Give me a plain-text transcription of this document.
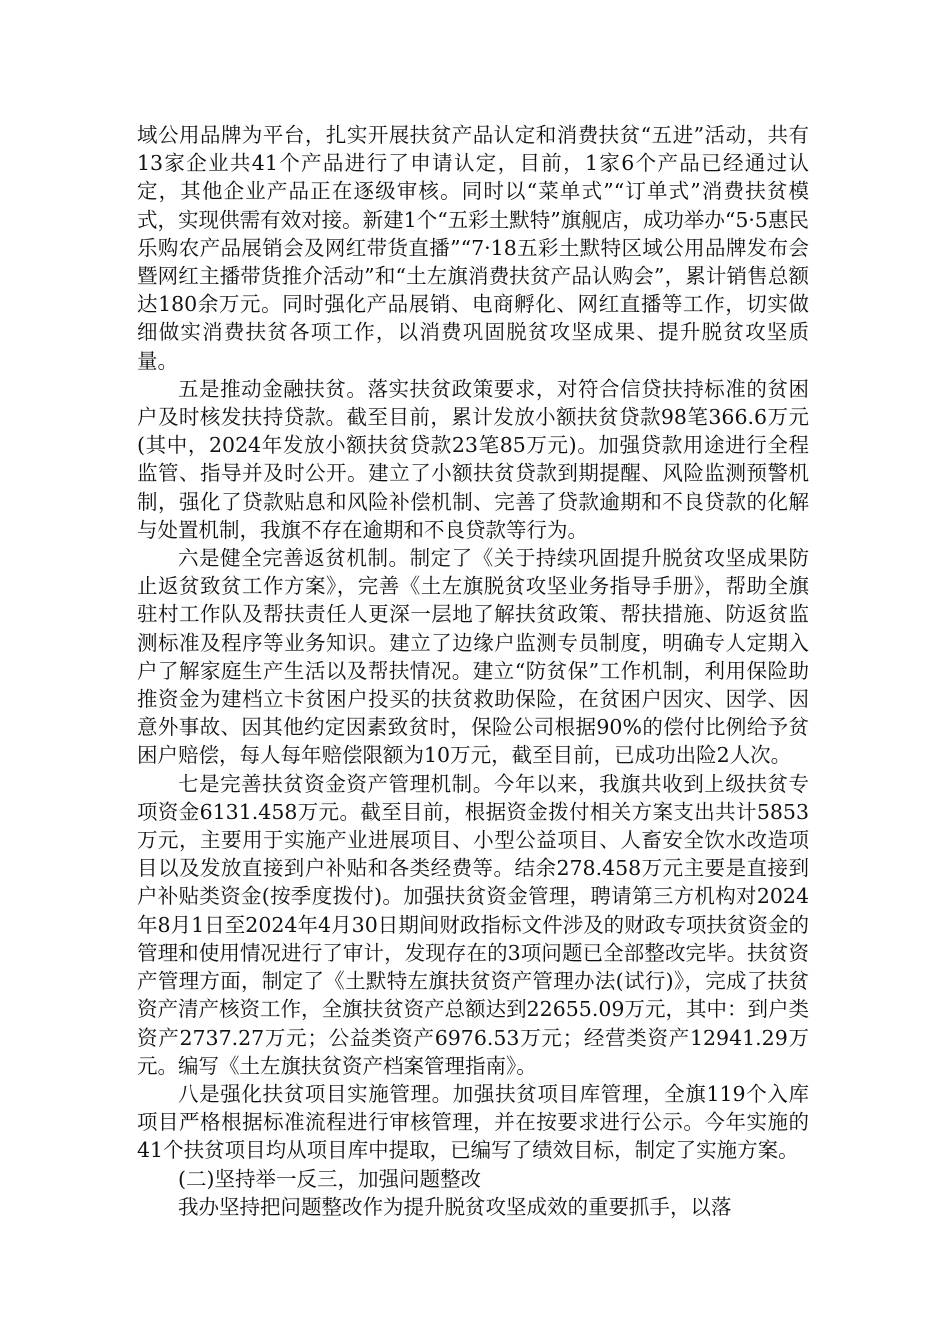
域公用品牌为平台，扎实开展扶贫产品认定和消费扶贫“五进”活动，共有13家企业共41个产品进行了申请认定，目前，1家6个产品已经通过认定，其他企业产品正在逐级审核。同时以“菜单式”“订单式”消费扶贫模式，实现供需有效对接。新建1个“五彩土默特”旗舰店，成功举办“5·5惠民乐购农产品展销会及网红带货直播”“7·18五彩土默特区域公用品牌发布会暨网红主播带货推介活动”和“土左旗消费扶贫产品认购会”，累计销售总额达180余万元。同时强化产品展销、电商孵化、网红直播等工作，切实做细做实消费扶贫各项工作，以消费巩固脱贫攻坚成果、提升脱贫攻坚质量。

五是推动金融扶贫。落实扶贫政策要求，对符合信贷扶持标准的贫困户及时核发扶持贷款。截至目前，累计发放小额扶贫贷款98笔366.6万元(其中，2024年发放小额扶贫贷款23笔85万元)。加强贷款用途进行全程监管、指导并及时公开。建立了小额扶贫贷款到期提醒、风险监测预警机制，强化了贷款贴息和风险补偿机制、完善了贷款逾期和不良贷款的化解与处置机制，我旗不存在逾期和不良贷款等行为。

六是健全完善返贫机制。制定了《关于持续巩固提升脱贫攻坚成果防止返贫致贫工作方案》，完善《土左旗脱贫攻坚业务指导手册》，帮助全旗驻村工作队及帮扶责任人更深一层地了解扶贫政策、帮扶措施、防返贫监测标准及程序等业务知识。建立了边缘户监测专员制度，明确专人定期入户了解家庭生产生活以及帮扶情况。建立“防贫保”工作机制，利用保险助推资金为建档立卡贫困户投买的扶贫救助保险，在贫困户因灾、因学、因意外事故、因其他约定因素致贫时，保险公司根据90%的偿付比例给予贫困户赔偿，每人每年赔偿限额为10万元，截至目前，已成功出险2人次。

七是完善扶贫资金资产管理机制。今年以来，我旗共收到上级扶贫专项资金6131.458万元。截至目前，根据资金拨付相关方案支出共计5853万元，主要用于实施产业进展项目、小型公益项目、人畜安全饮水改造项目以及发放直接到户补贴和各类经费等。结余278.458万元主要是直接到户补贴类资金(按季度拨付)。加强扶贫资金管理，聘请第三方机构对2024年8月1日至2024年4月30日期间财政指标文件涉及的财政专项扶贫资金的管理和使用情况进行了审计，发现存在的3项问题已全部整改完毕。扶贫资产管理方面，制定了《土默特左旗扶贫资产管理办法(试行)》，完成了扶贫资产清产核资工作，全旗扶贫资产总额达到22655.09万元，其中：到户类资产2737.27万元；公益类资产6976.53万元；经营类资产12941.29万元。编写《土左旗扶贫资产档案管理指南》。

八是强化扶贫项目实施管理。加强扶贫项目库管理，全旗119个入库项目严格根据标准流程进行审核管理，并在按要求进行公示。今年实施的41个扶贫项目均从项目库中提取，已编写了绩效目标，制定了实施方案。

(二)坚持举一反三，加强问题整改

我办坚持把问题整改作为提升脱贫攻坚成效的重要抓手，以落
